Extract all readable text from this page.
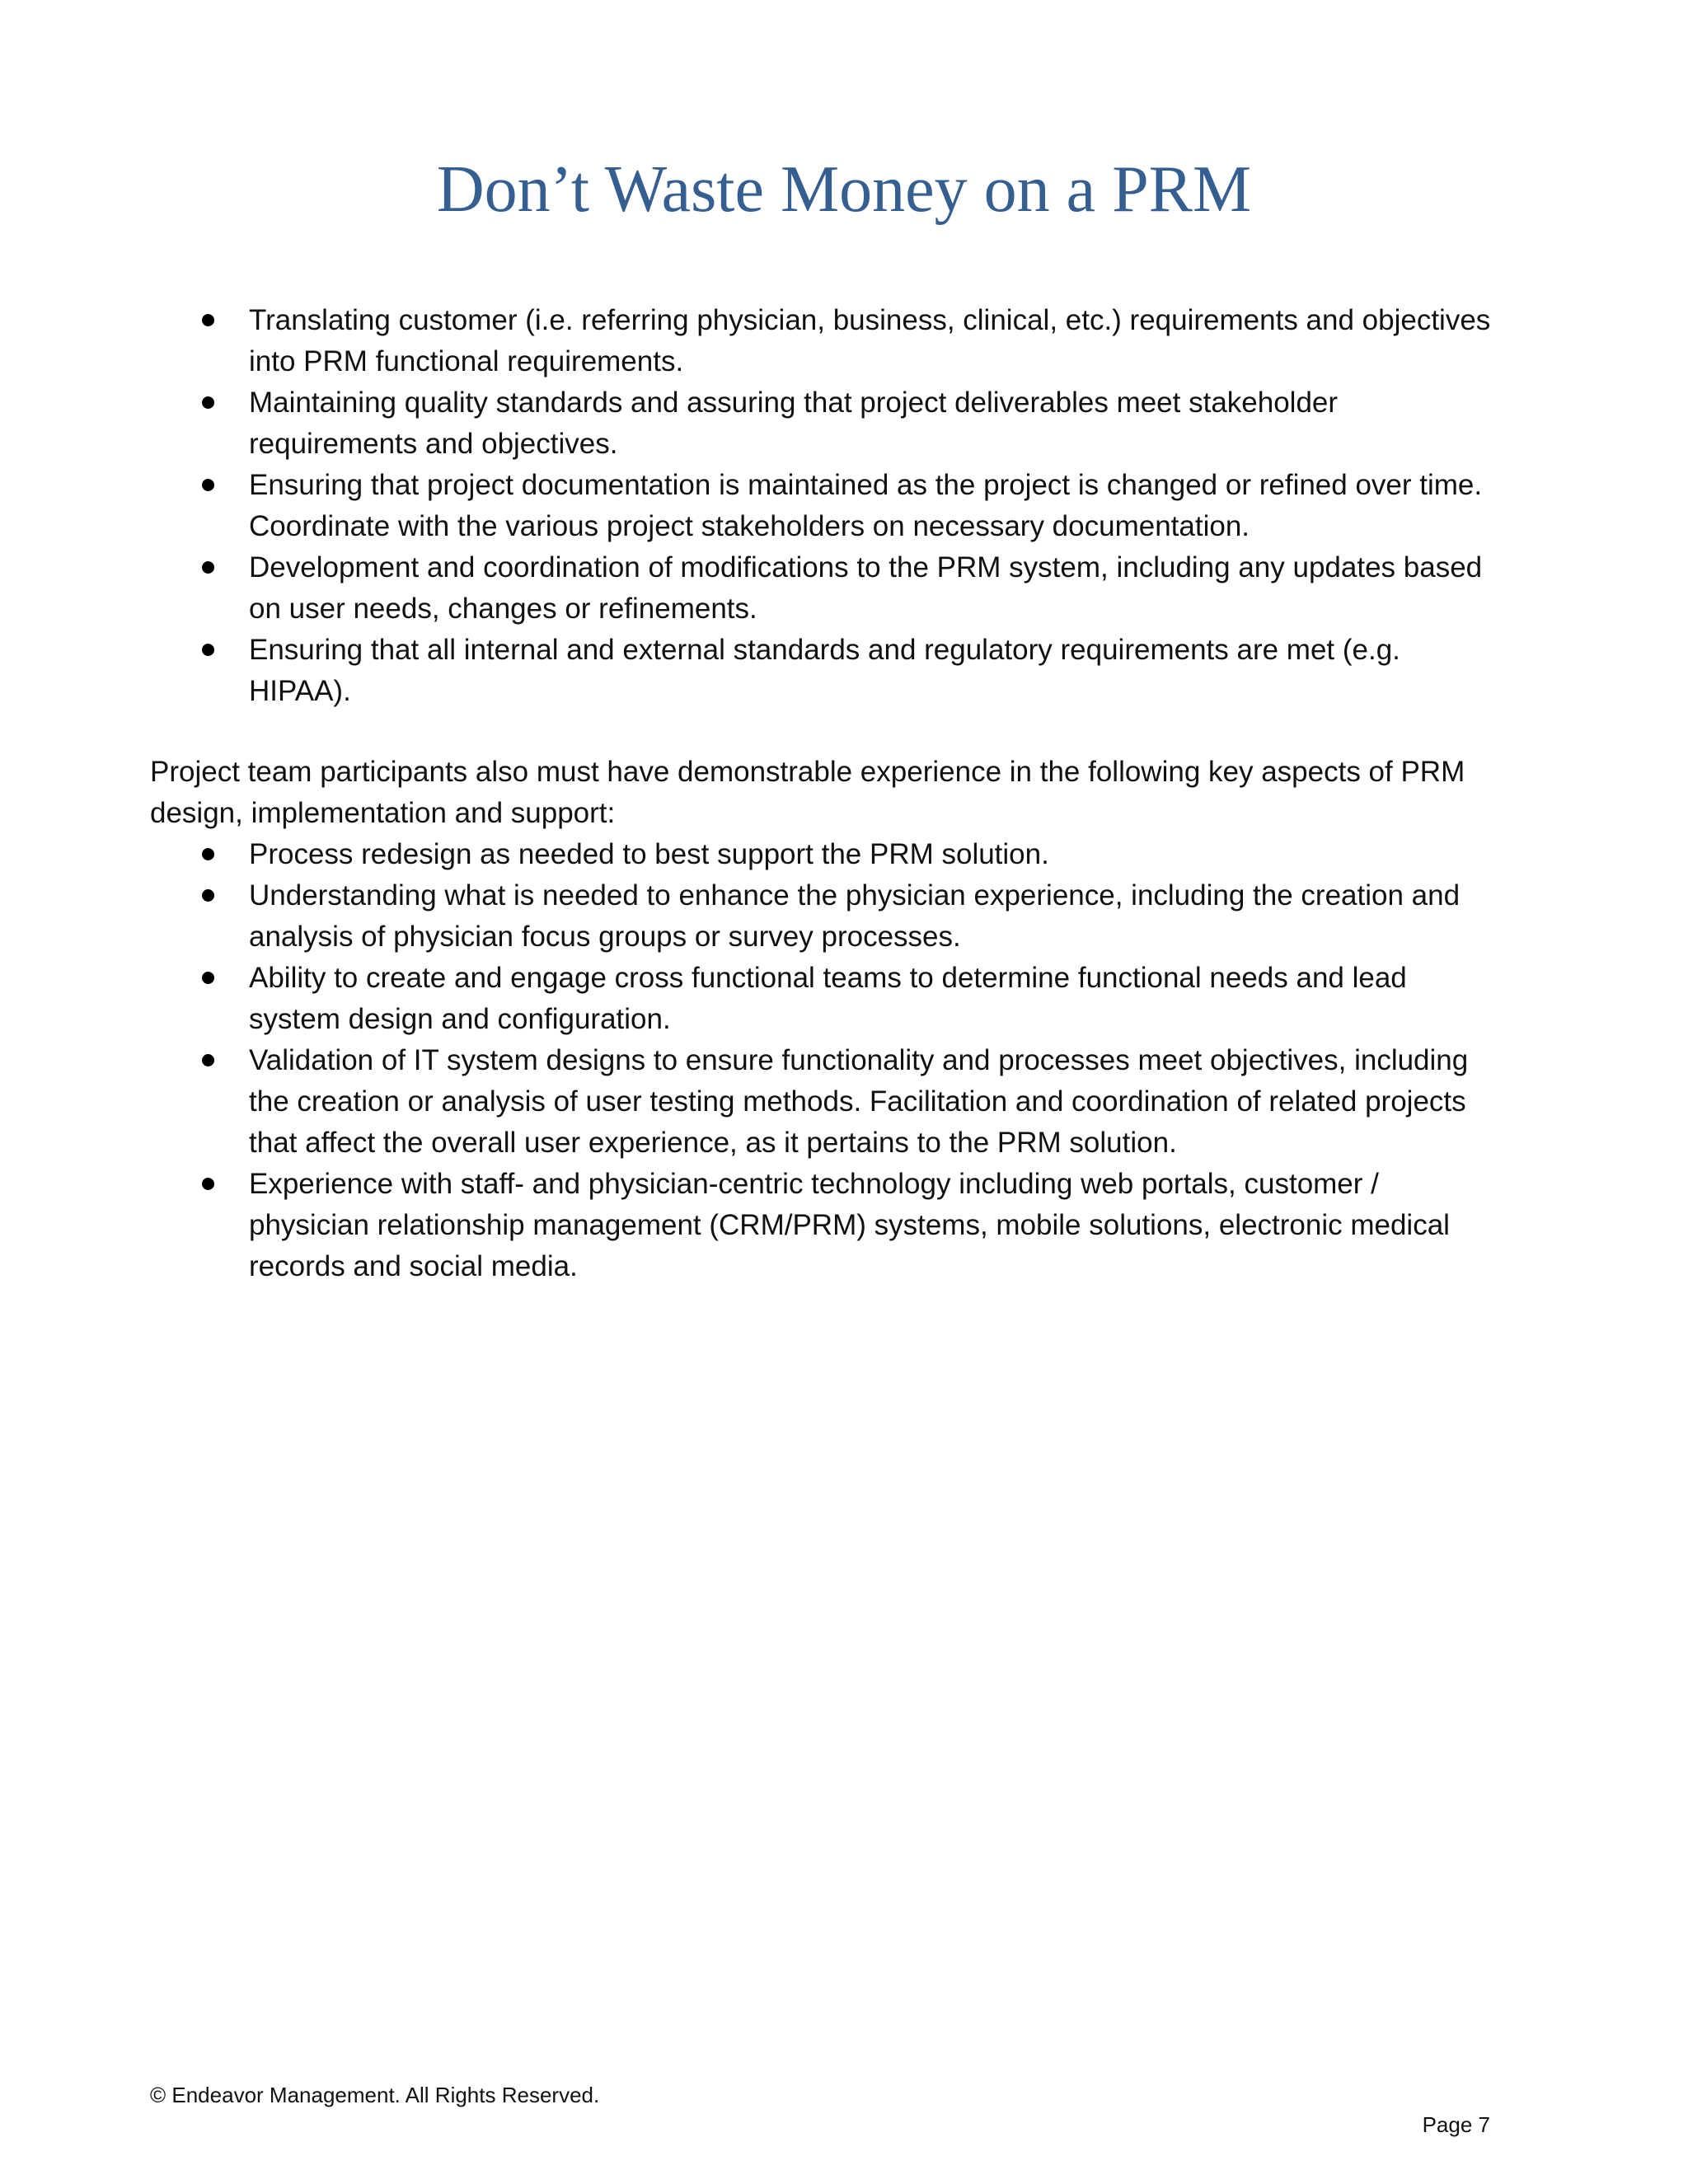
Don’t Waste Money on a PRM
Translating customer (i.e. referring physician, business, clinical, etc.) requirements and objectives into PRM functional requirements.
Maintaining quality standards and assuring that project deliverables meet stakeholder requirements and objectives.
Ensuring that project documentation is maintained as the project is changed or refined over time. Coordinate with the various project stakeholders on necessary documentation.
Development and coordination of modifications to the PRM system, including any updates based on user needs, changes or refinements.
Ensuring that all internal and external standards and regulatory requirements are met (e.g. HIPAA).

Project team participants also must have demonstrable experience in the following key aspects of PRM design, implementation and support:

Process redesign as needed to best support the PRM solution.
Understanding what is needed to enhance the physician experience, including the creation and analysis of physician focus groups or survey processes.
Ability to create and engage cross functional teams to determine functional needs and lead system design and configuration.
Validation of IT system designs to ensure functionality and processes meet objectives, including the creation or analysis of user testing methods. Facilitation and coordination of related projects that affect the overall user experience, as it pertains to the PRM solution.
Experience with staff- and physician-centric technology including web portals, customer / physician relationship management (CRM/PRM) systems, mobile solutions, electronic medical records and social media.

© Endeavor Management. All Rights Reserved.

Page 7
